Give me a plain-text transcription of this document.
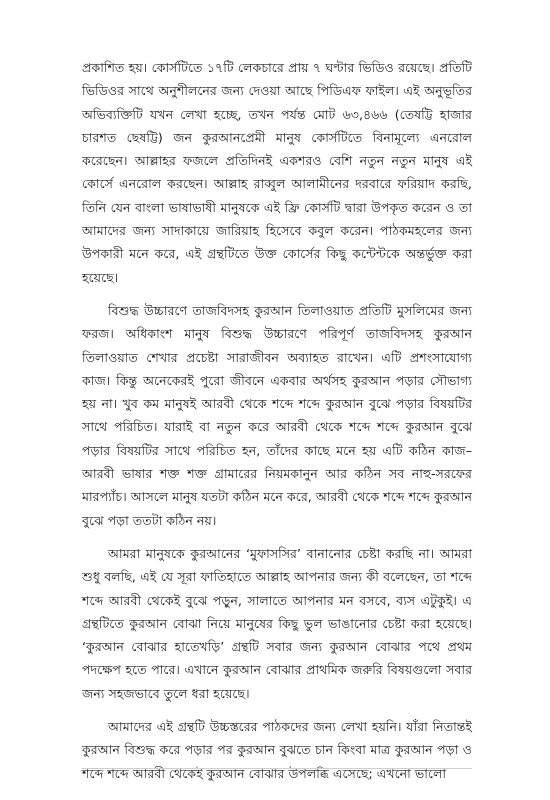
প্রকাশিত হয়। কোর্সটিতে ১৭টি লেকচারে প্রায় ৭ ঘণ্টার ভিডিও রয়েছে। প্রতিটি ভিডিওর সাথে অনুশীলনের জন্য দেওয়া আছে পিডিএফ ফাইল। এই অনুভূতির অভিব্যক্তিটি যখন লেখা হচ্ছে, তখন পর্যন্ত মোট ৬৩,৪৬৬ (তেষট্টি হাজার চারশত ছেষট্টি) জন কুরআনপ্রেমী মানুষ কোর্সটিতে বিনামূল্যে এনরোল করেছেন। আল্লাহর ফজলে প্রতিদিনই একশরও বেশি নতুন নতুন মানুষ এই কোর্সে এনরোল করছেন। আল্লাহ রাব্বুল আলামীনের দরবারে ফরিয়াদ করছি, তিনি যেন বাংলা ভাষাভাষী মানুষকে এই ফ্রি কোর্সটি দ্বারা উপকৃত করেন ও তা আমাদের জন্য সাদাকায়ে জারিয়াহ হিসেবে কবুল করেন। পাঠকমহলের জন্য উপকারী মনে করে, এই গ্রন্থটিতে উক্ত কোর্সের কিছু কন্টেন্টকে অন্তর্ভুক্ত করা হয়েছে।

বিশুদ্ধ উচ্চারণে তাজবিদসহ কুরআন তিলাওয়াত প্রতিটি মুসলিমের জন্য ফরজ। অধিকাংশ মানুষ বিশুদ্ধ উচ্চারণে পরিপূর্ণ তাজবিদসহ কুরআন তিলাওয়াত শেখার প্রচেষ্টা সারাজীবন অব্যাহত রাখেন। এটি প্রশংসাযোগ্য কাজ। কিন্তু অনেকেরই পুরো জীবনে একবার অর্থসহ কুরআন পড়ার সৌভাগ্য হয় না। খুব কম মানুষই আরবী থেকে শব্দে শব্দে কুরআন বুঝে পড়ার বিষয়টির সাথে পরিচিত। যারাই বা নতুন করে আরবী থেকে শব্দে শব্দে কুরআন বুঝে পড়ার বিষয়টির সাথে পরিচিত হন, তাঁদের কাছে মনে হয় এটি কঠিন কাজ– আরবী ভাষার শক্ত শক্ত গ্রামারের নিয়মকানুন আর কঠিন সব নাহু-সরফের মারপ্যাঁচ। আসলে মানুষ যতটা কঠিন মনে করে, আরবী থেকে শব্দে শব্দে কুরআন বুঝে পড়া ততটা কঠিন নয়।

আমরা মানুষকে কুরআনের ‘মুফাসসির’ বানানোর চেষ্টা করছি না। আমরা শুধু বলছি, এই যে সূরা ফাতিহাতে আল্লাহ আপনার জন্য কী বলেছেন, তা শব্দে শব্দে আরবী থেকেই বুঝে পড়ুন, সালাতে আপনার মন বসবে, ব্যস এটুকুই। এ গ্রন্থটিতে কুরআন বোঝা নিয়ে মানুষের কিছু ভুল ভাঙানোর চেষ্টা করা হয়েছে। ‘কুরআন বোঝার হাতেখড়ি’ গ্রন্থটি সবার জন্য কুরআন বোঝার পথে প্রথম পদক্ষেপ হতে পারে। এখানে কুরআন বোঝার প্রাথমিক জরুরি বিষয়গুলো সবার জন্য সহজভাবে তুলে ধরা হয়েছে।

আমাদের এই গ্রন্থটি উচ্চস্তরের পাঠকদের জন্য লেখা হয়নি। যাঁরা নিতান্তই কুরআন বিশুদ্ধ করে পড়ার পর কুরআন বুঝতে চান কিংবা মাত্র কুরআন পড়া ও শব্দে শব্দে আরবী থেকেই কুরআন বোঝার উপলব্ধি এসেছে; এখনো ভালো
